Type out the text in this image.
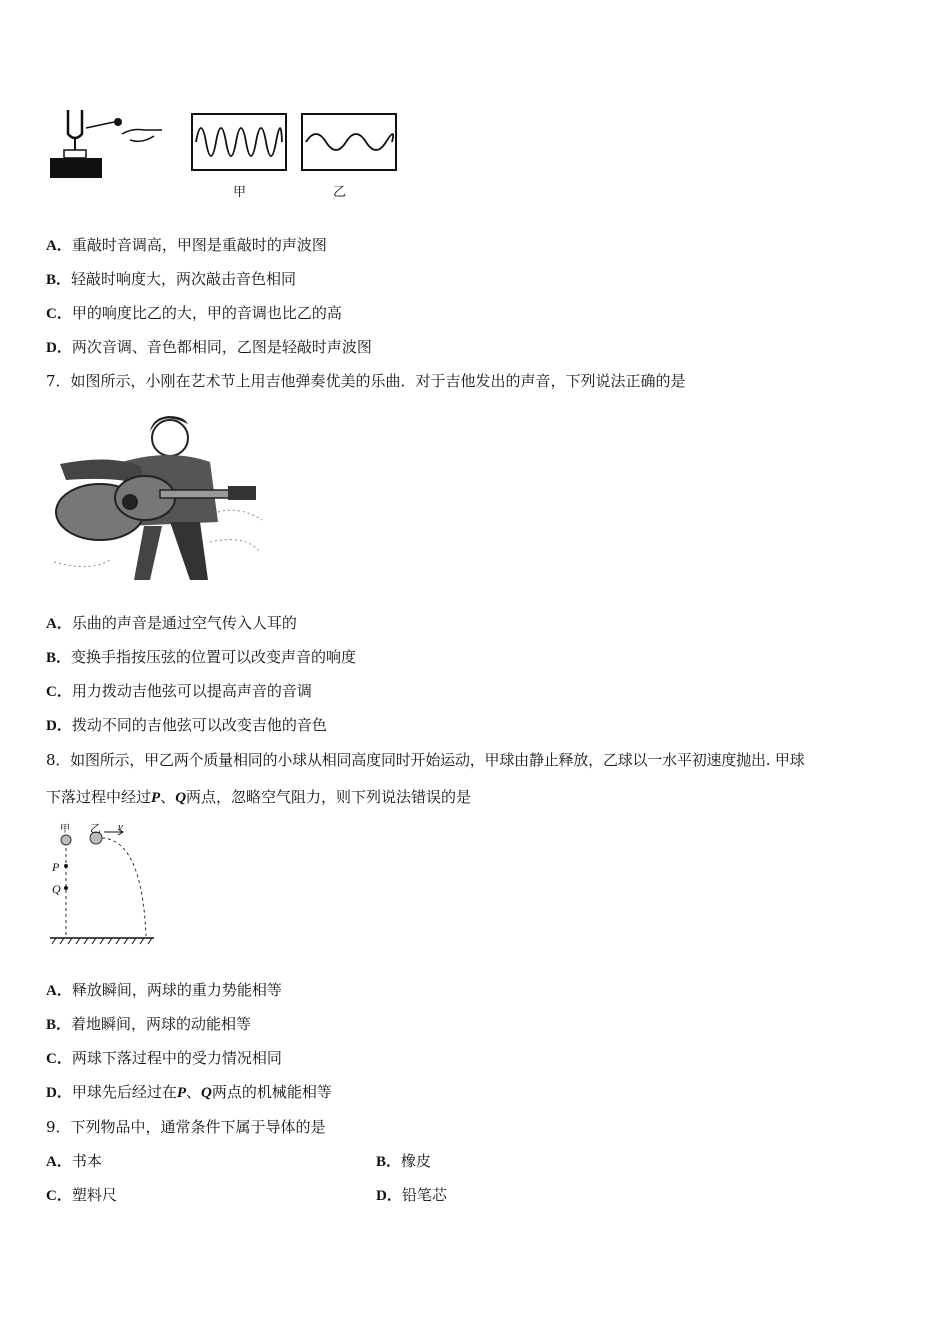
甲	乙
A．重敲时音调高，甲图是重敲时的声波图
B．轻敲时响度大，两次敲击音色相同
C．甲的响度比乙的大，甲的音调也比乙的高
D．两次音调、音色都相同，乙图是轻敲时声波图
7．如图所示，小刚在艺术节上用吉他弹奏优美的乐曲．对于吉他发出的声音，下列说法正确的是
A．乐曲的声音是通过空气传入人耳的
B．变换手指按压弦的位置可以改变声音的响度
C．用力拨动吉他弦可以提高声音的音调
D．拨动不同的吉他弦可以改变吉他的音色
8．如图所示，甲乙两个质量相同的小球从相同高度同时开始运动，甲球由静止释放，乙球以一水平初速度抛出. 甲球
下落过程中经过P、Q两点，忽略空气阻力，则下列说法错误的是
甲 乙 v
P
Q
A．释放瞬间，两球的重力势能相等
B．着地瞬间，两球的动能相等
C．两球下落过程中的受力情况相同
D．甲球先后经过在P、Q两点的机械能相等
9．下列物品中，通常条件下属于导体的是
A．书本	B．橡皮
C．塑料尺	D．铅笔芯
